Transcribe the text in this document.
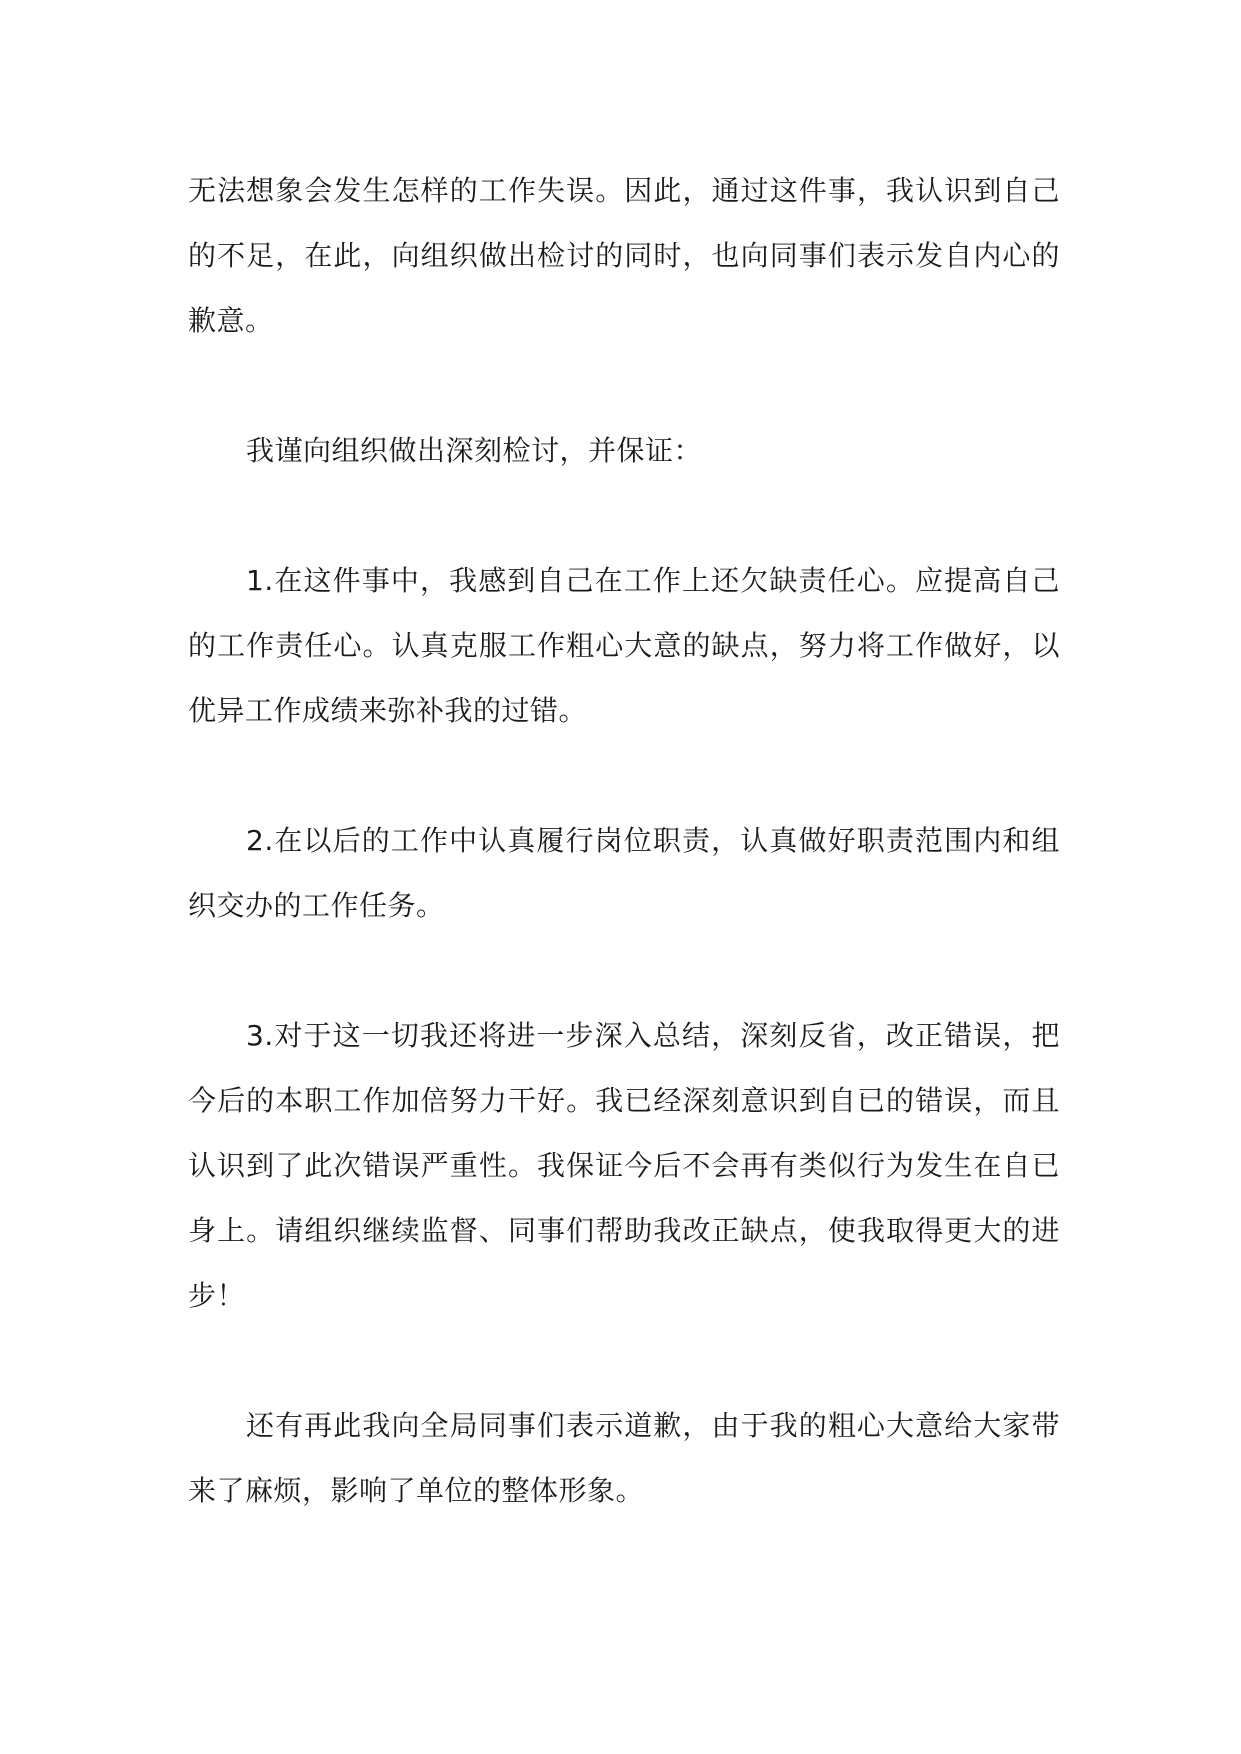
无法想象会发生怎样的工作失误。因此，通过这件事，我认识到自己的不足，在此，向组织做出检讨的同时，也向同事们表示发自内心的歉意。

我谨向组织做出深刻检讨，并保证：

1.在这件事中，我感到自己在工作上还欠缺责任心。应提高自己的工作责任心。认真克服工作粗心大意的缺点，努力将工作做好，以优异工作成绩来弥补我的过错。

2.在以后的工作中认真履行岗位职责，认真做好职责范围内和组织交办的工作任务。

3.对于这一切我还将进一步深入总结，深刻反省，改正错误，把今后的本职工作加倍努力干好。我已经深刻意识到自已的错误，而且认识到了此次错误严重性。我保证今后不会再有类似行为发生在自已身上。请组织继续监督、同事们帮助我改正缺点，使我取得更大的进步！

还有再此我向全局同事们表示道歉，由于我的粗心大意给大家带来了麻烦，影响了单位的整体形象。
